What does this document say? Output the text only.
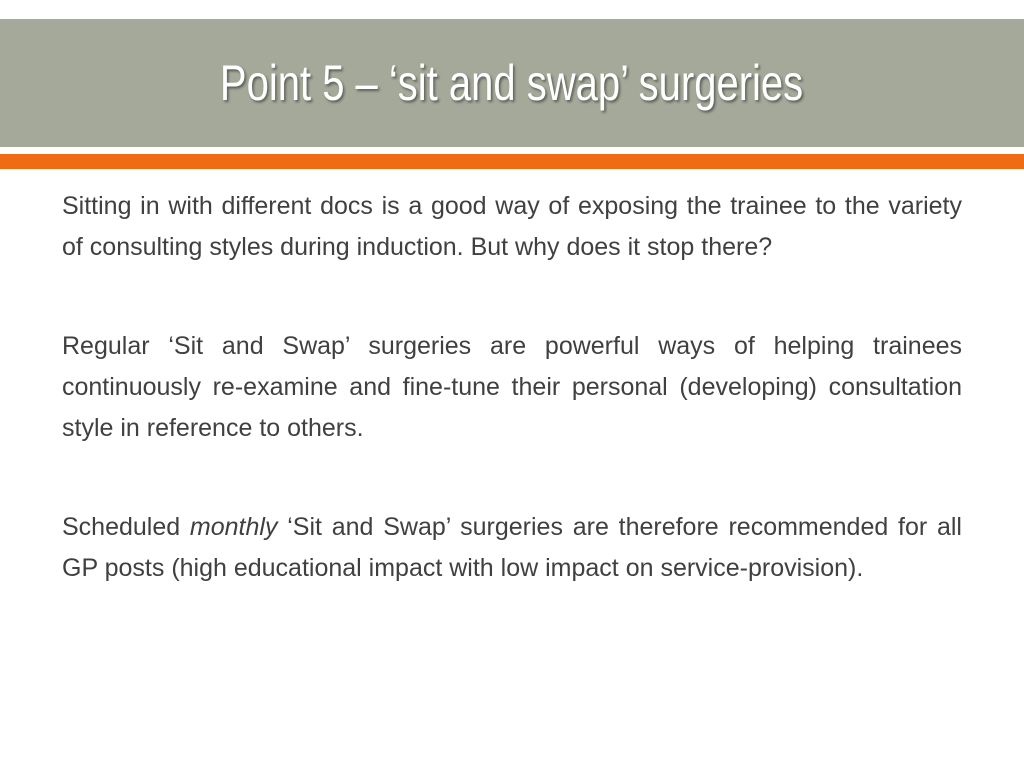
Point 5 – ‘sit and swap’ surgeries

Sitting in with different docs is a good way of exposing the trainee to the variety of consulting styles during induction. But why does it stop there?

Regular ‘Sit and Swap’ surgeries are powerful ways of helping trainees continuously re-examine and fine-tune their personal (developing) consultation style in reference to others.

Scheduled monthly ‘Sit and Swap’ surgeries are therefore recommended for all GP posts (high educational impact with low impact on service-provision).
